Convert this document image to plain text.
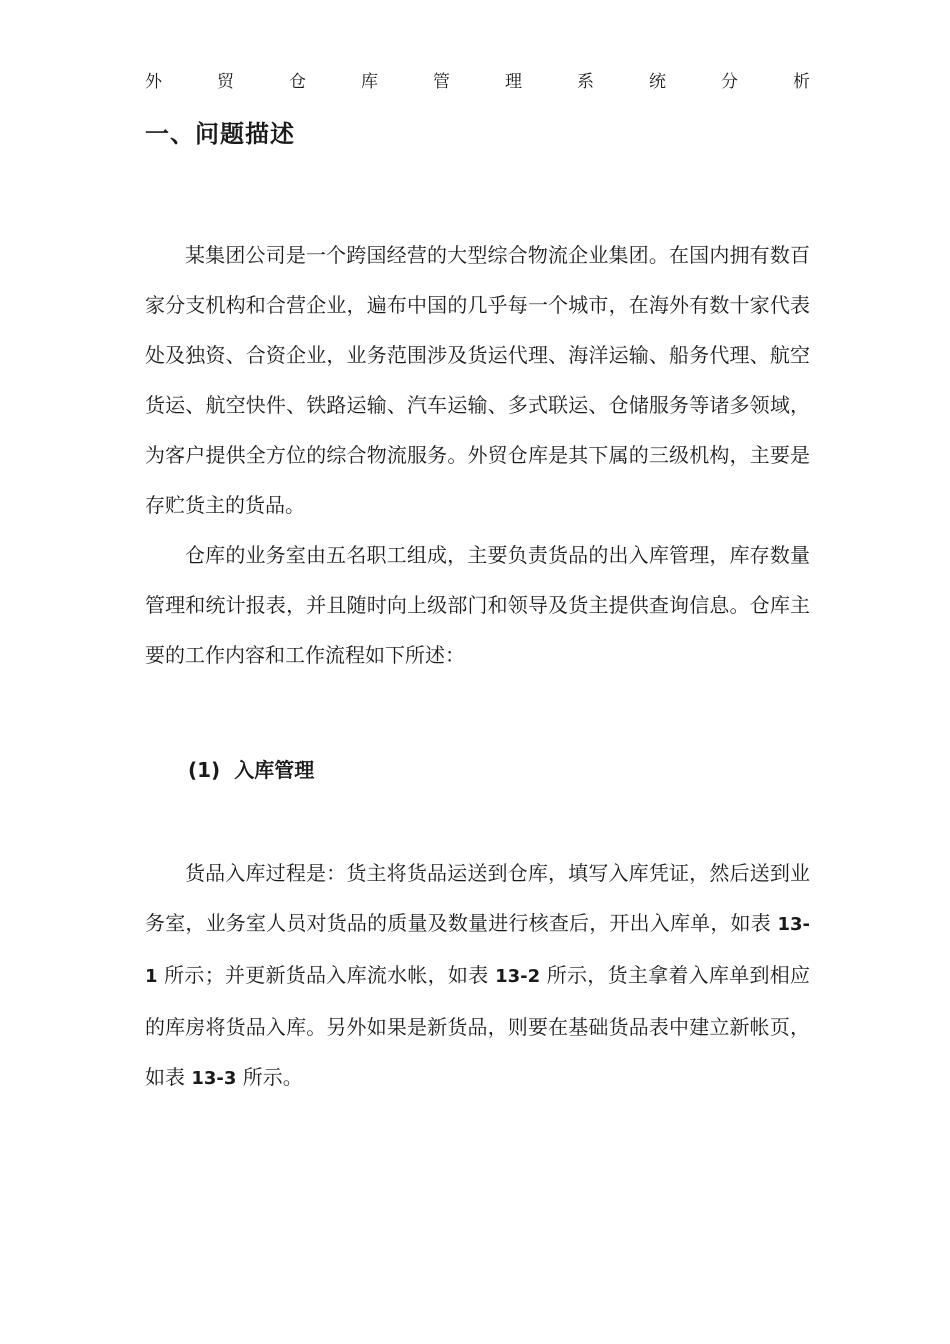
外	贸	仓	库	管	理	系	统	分	析
一、问题描述

某集团公司是一个跨国经营的大型综合物流企业集团。在国内拥有数百家分支机构和合营企业，遍布中国的几乎每一个城市，在海外有数十家代表处及独资、合资企业，业务范围涉及货运代理、海洋运输、船务代理、航空货运、航空快件、铁路运输、汽车运输、多式联运、仓储服务等诸多领域，为客户提供全方位的综合物流服务。外贸仓库是其下属的三级机构，主要是存贮货主的货品。

仓库的业务室由五名职工组成，主要负责货品的出入库管理，库存数量管理和统计报表，并且随时向上级部门和领导及货主提供查询信息。仓库主要的工作内容和工作流程如下所述：

(1) 入库管理

货品入库过程是：货主将货品运送到仓库，填写入库凭证，然后送到业务室，业务室人员对货品的质量及数量进行核查后，开出入库单，如表 13-1 所示；并更新货品入库流水帐，如表 13-2 所示，货主拿着入库单到相应的库房将货品入库。另外如果是新货品，则要在基础货品表中建立新帐页，如表 13-3 所示。
